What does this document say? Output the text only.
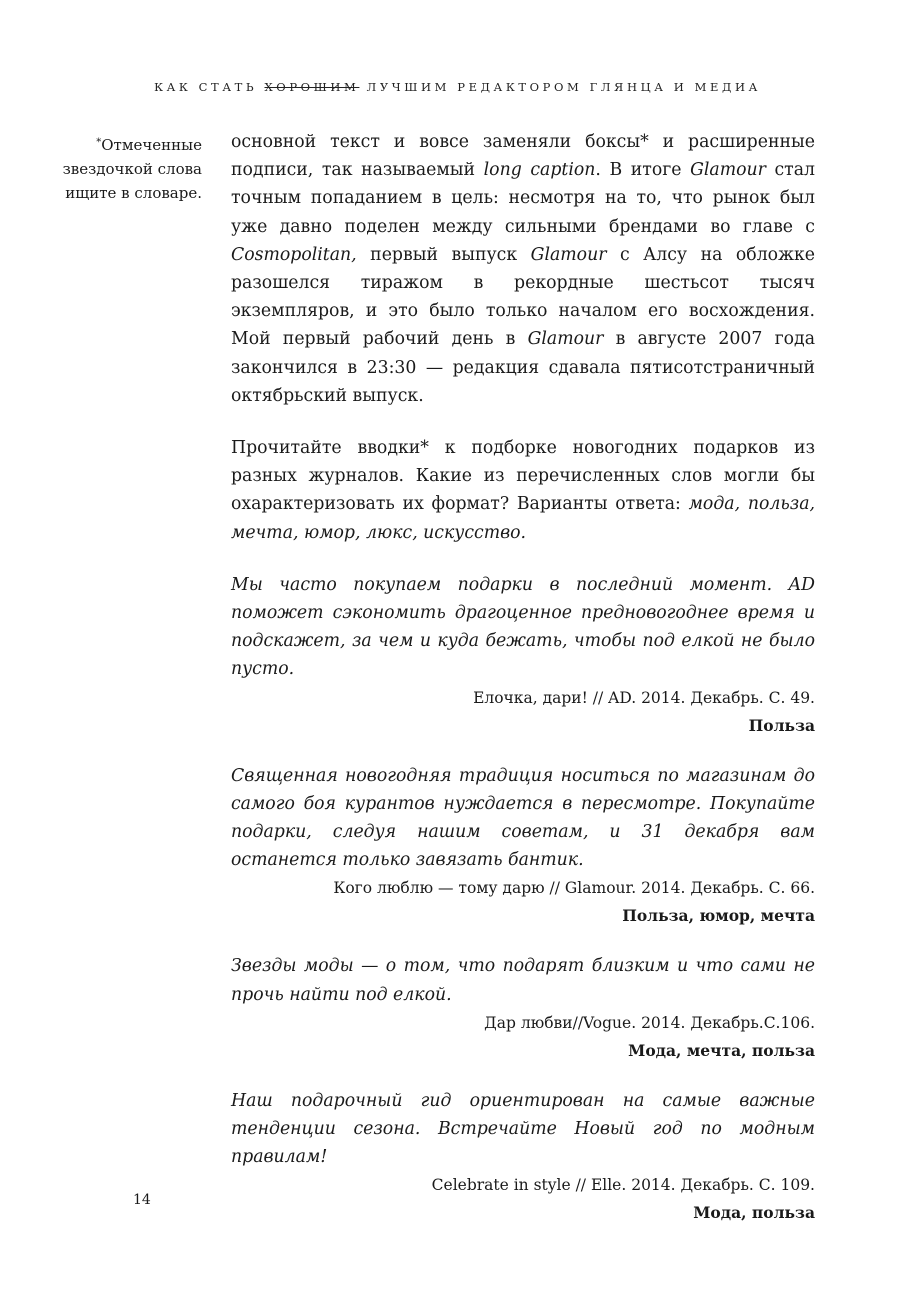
КАК СТАТЬ ХОРОШИМ ЛУЧШИМ РЕДАКТОРОМ ГЛЯНЦА И МЕДИА
*Отмеченные звездочкой слова ищите в словаре.

основной текст и вовсе заменяли боксы* и расширенные подписи, так называемый long caption. В итоге Glamour стал точным попаданием в цель: несмотря на то, что рынок был уже давно поделен между сильными брендами во главе с Cosmopolitan, первый выпуск Glamour с Алсу на обложке разошелся тиражом в рекордные шестьсот тысяч экземпляров, и это было только началом его восхождения. Мой первый рабочий день в Glamour в августе 2007 года закончился в 23:30 — редакция сдавала пятисотстраничный октябрьский выпуск.

Прочитайте вводки* к подборке новогодних подарков из разных журналов. Какие из перечисленных слов могли бы охарактеризовать их формат? Варианты ответа: мода, польза, мечта, юмор, люкс, искусство.

Мы часто покупаем подарки в последний момент. AD поможет сэкономить драгоценное предновогоднее время и подскажет, за чем и куда бежать, чтобы под елкой не было пусто.

Елочка, дари! // AD. 2014. Декабрь. С. 49.

Польза

Священная новогодняя традиция носиться по магазинам до самого боя курантов нуждается в пересмотре. Покупайте подарки, следуя нашим советам, и 31 декабря вам останется только завязать бантик.

Кого люблю — тому дарю // Glamour. 2014. Декабрь. С. 66.

Польза, юмор, мечта

Звезды моды — о том, что подарят близким и что сами не прочь найти под елкой.

Дар любви//Vogue. 2014. Декабрь.С.106.

Мода, мечта, польза

Наш подарочный гид ориентирован на самые важные тенденции сезона. Встречайте Новый год по модным правилам!

Celebrate in style // Elle. 2014. Декабрь. С. 109.

Мода, польза

14
